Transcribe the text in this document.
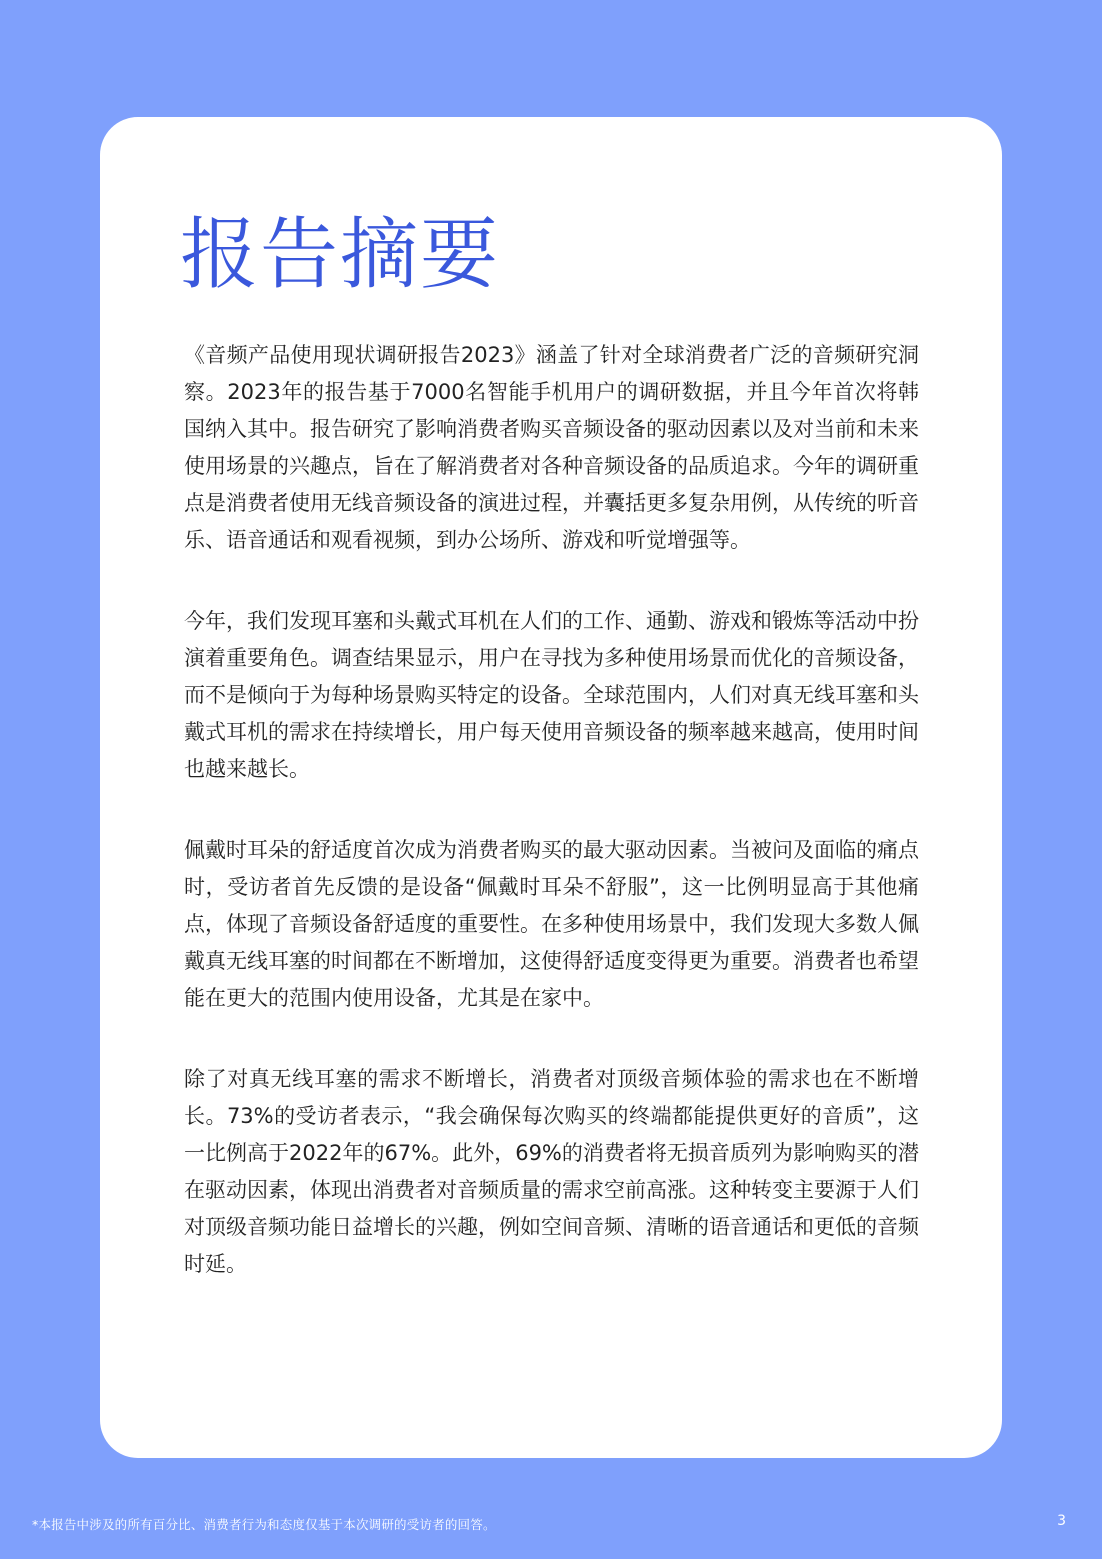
报告摘要

《音频产品使用现状调研报告2023》涵盖了针对全球消费者广泛的音频研究洞察。2023年的报告基于7000名智能手机用户的调研数据，并且今年首次将韩国纳入其中。报告研究了影响消费者购买音频设备的驱动因素以及对当前和未来使用场景的兴趣点，旨在了解消费者对各种音频设备的品质追求。今年的调研重点是消费者使用无线音频设备的演进过程，并囊括更多复杂用例，从传统的听音乐、语音通话和观看视频，到办公场所、游戏和听觉增强等。

今年，我们发现耳塞和头戴式耳机在人们的工作、通勤、游戏和锻炼等活动中扮演着重要角色。调查结果显示，用户在寻找为多种使用场景而优化的音频设备，而不是倾向于为每种场景购买特定的设备。全球范围内，人们对真无线耳塞和头戴式耳机的需求在持续增长，用户每天使用音频设备的频率越来越高，使用时间也越来越长。

佩戴时耳朵的舒适度首次成为消费者购买的最大驱动因素。当被问及面临的痛点时，受访者首先反馈的是设备“佩戴时耳朵不舒服”，这一比例明显高于其他痛点，体现了音频设备舒适度的重要性。在多种使用场景中，我们发现大多数人佩戴真无线耳塞的时间都在不断增加，这使得舒适度变得更为重要。消费者也希望能在更大的范围内使用设备，尤其是在家中。

除了对真无线耳塞的需求不断增长，消费者对顶级音频体验的需求也在不断增长。73%的受访者表示，“我会确保每次购买的终端都能提供更好的音质”，这一比例高于2022年的67%。此外，69%的消费者将无损音质列为影响购买的潜在驱动因素，体现出消费者对音频质量的需求空前高涨。这种转变主要源于人们对顶级音频功能日益增长的兴趣，例如空间音频、清晰的语音通话和更低的音频时延。

*本报告中涉及的所有百分比、消费者行为和态度仅基于本次调研的受访者的回答。	3
